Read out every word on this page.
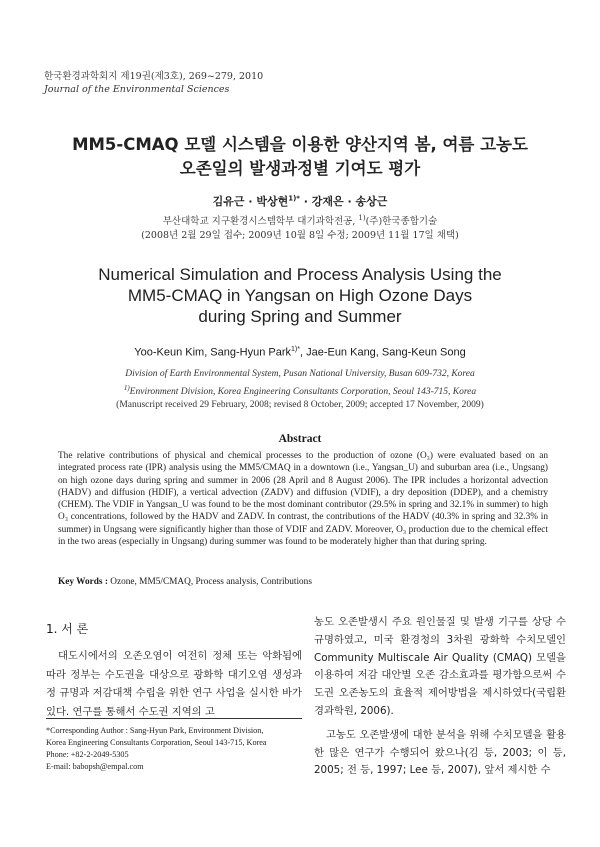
한국환경과학회지 제19권(제3호), 269~279, 2010
Journal of the Environmental Sciences
MM5-CMAQ 모델 시스템을 이용한 양산지역 봄, 여름 고농도
오존일의 발생과정별 기여도 평가
김유근 · 박상현$^{1)*}$ · 강재은 · 송상근
부산대학교 지구환경시스템학부 대기과학전공, $^{1)}$(주)한국종합기술
(2008년 2월 29일 접수; 2009년 10월 8일 수정; 2009년 11월 17일 채택)
Numerical Simulation and Process Analysis Using the
MM5-CMAQ in Yangsan on High Ozone Days
during Spring and Summer
Yoo-Keun Kim, Sang-Hyun Park$^{1)*}$, Jae-Eun Kang, Sang-Keun Song
Division of Earth Environmental System, Pusan National University, Busan 609-732, Korea
$^{1)}$Environment Division, Korea Engineering Consultants Corporation, Seoul 143-715, Korea
(Manuscript received 29 February, 2008; revised 8 October, 2009; accepted 17 November, 2009)
Abstract
The relative contributions of physical and chemical processes to the production of ozone (O₃) were evaluated based on an integrated process rate (IPR) analysis using the MM5/CMAQ in a downtown (i.e., Yangsan_U) and suburban area (i.e., Ungsang) on high ozone days during spring and summer in 2006 (28 April and 8 August 2006). The IPR includes a horizontal advection (HADV) and diffusion (HDIF), a vertical advection (ZADV) and diffusion (VDIF), a dry deposition (DDEP), and a chemistry (CHEM). The VDIF in Yangsan_U was found to be the most dominant contributor (29.5% in spring and 32.1% in summer) to high O₃ concentrations, followed by the HADV and ZADV. In contrast, the contributions of the HADV (40.3% in spring and 32.3% in summer) in Ungsang were significantly higher than those of VDIF and ZADV. Moreover, O₃ production due to the chemical effect in the two areas (especially in Ungsang) during summer was found to be moderately higher than that during spring.
Key Words : Ozone, MM5/CMAQ, Process analysis, Contributions
1. 서 론
대도시에서의 오존오염이 여전히 정체 또는 악화됨에 따라 정부는 수도권을 대상으로 광화학 대기오염 생성과정 규명과 저감대책 수립을 위한 연구 사업을 실시한 바가 있다. 연구를 통해서 수도권 지역의 고
*Corresponding Author : Sang-Hyun Park, Environment Division,
Korea Engineering Consultants Corporation, Seoul 143-715, Korea
Phone: +82-2-2049-5305
E-mail: babopsh@empal.com
농도 오존발생시 주요 원인물질 및 발생 기구를 상당 수 규명하였고, 미국 환경청의 3차원 광화학 수치모델인 Community Multiscale Air Quality (CMAQ) 모델을 이용하여 저감 대안별 오존 감소효과를 평가함으로써 수도권 오존농도의 효율적 제어방법을 제시하였다(국립환경과학원, 2006).
고농도 오존발생에 대한 분석을 위해 수치모델을 활용한 많은 연구가 수행되어 왔으나(김 등, 2003; 이 등, 2005; 전 등, 1997; Lee 등, 2007), 앞서 제시한 수
